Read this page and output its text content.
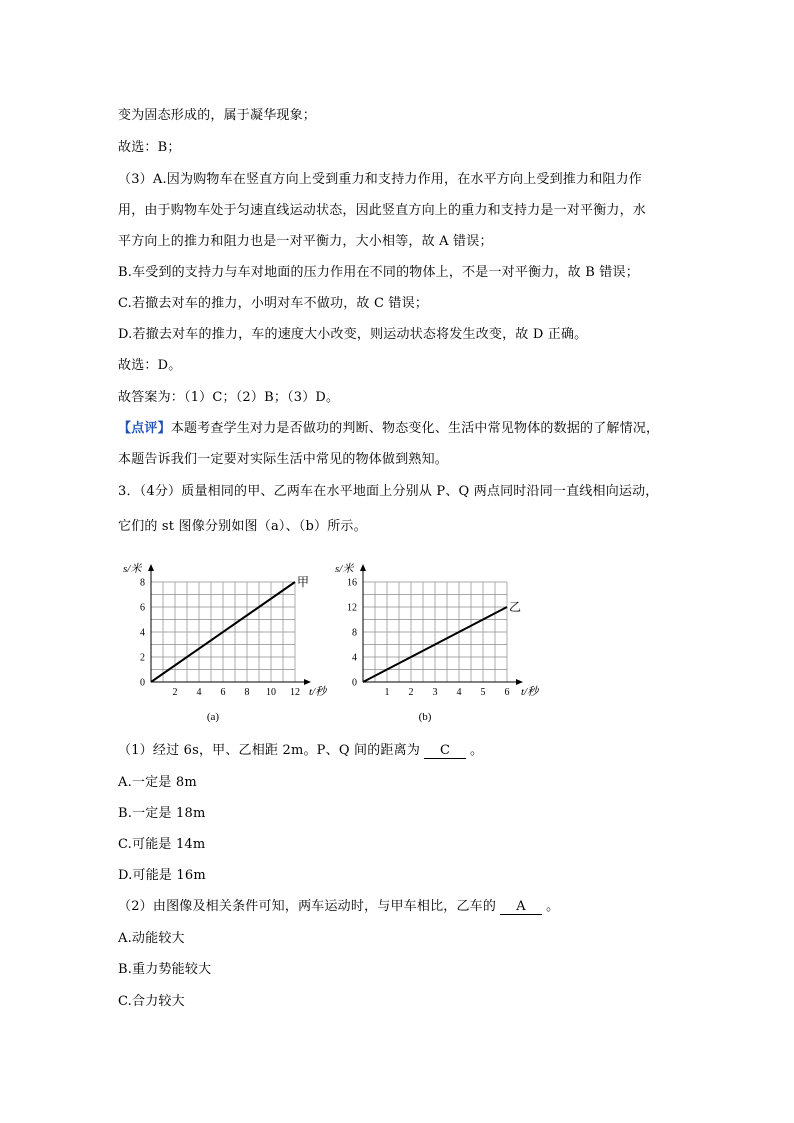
变为固态形成的，属于凝华现象；
故选：B；
（3）A.因为购物车在竖直方向上受到重力和支持力作用，在水平方向上受到推力和阻力作
用，由于购物车处于匀速直线运动状态，因此竖直方向上的重力和支持力是一对平衡力，水
平方向上的推力和阻力也是一对平衡力，大小相等，故 A 错误；
B.车受到的支持力与车对地面的压力作用在不同的物体上，不是一对平衡力，故 B 错误；
C.若撤去对车的推力，小明对车不做功，故 C 错误；
D.若撤去对车的推力，车的速度大小改变，则运动状态将发生改变，故 D 正确。
故选：D。
故答案为：（1）C；（2）B；（3）D。
【点评】本题考查学生对力是否做功的判断、物态变化、生活中常见物体的数据的了解情况，
本题告诉我们一定要对实际生活中常见的物体做到熟知。
3．（4分）质量相同的甲、乙两车在水平地面上分别从 P、Q 两点同时沿同一直线相向运动，
它们的 st 图像分别如图（a）、（b）所示。
s/米
t/秒
2 4 6 8 10 12
0
2
4
6
8	甲
(a)
s/米
t/秒
1 2 3 4 5 6
0
4
8
12
16
乙
(b)
（1）经过 6s，甲、乙相距 2m。P、Q 间的距离为 C 。
A.一定是 8m
B.一定是 18m
C.可能是 14m
D.可能是 16m
（2）由图像及相关条件可知，两车运动时，与甲车相比，乙车的 A 。
A.动能较大
B.重力势能较大
C.合力较大
